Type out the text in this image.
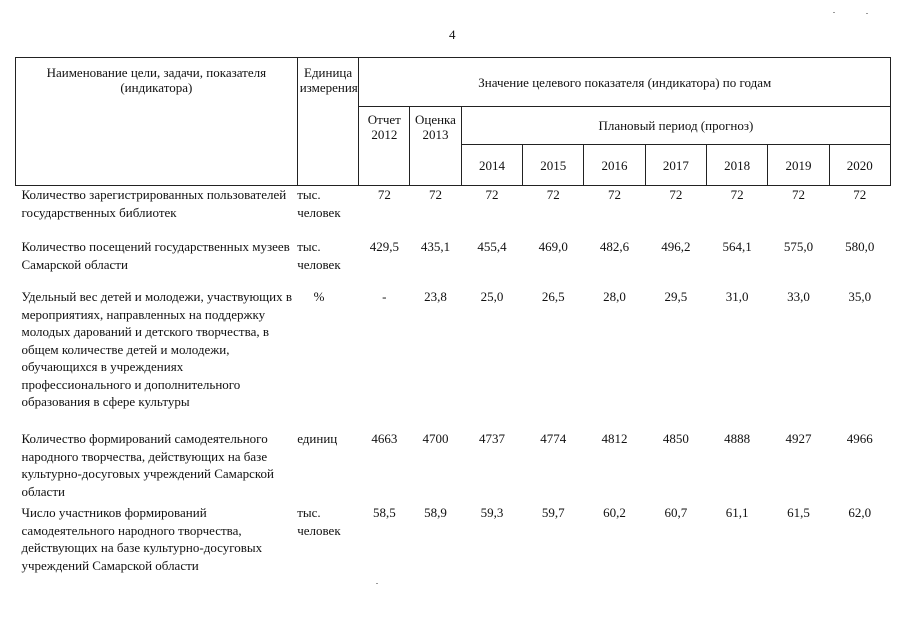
4
Наименование цели, задачи, показателя (индикатора)	Единица измерения	Значение целевого показателя (индикатора) по годам								
		Отчет 2012	Оценка 2013	Плановый период (прогноз)						
				2014	2015	2016	2017	2018	2019	2020
Количество зарегистрированных пользователей государственных библиотек	тыс. человек	72	72	72	72	72	72	72	72	72
Количество посещений государственных музеев Самарской области	тыс. человек	429,5	435,1	455,4	469,0	482,6	496,2	564,1	575,0	580,0
Удельный вес детей и молодежи, участвующих в мероприятиях, направленных на поддержку молодых дарований и детского творчества, в общем количестве детей и молодежи, обучающихся в учреждениях профессионального и дополнительного образования в сфере культуры	%	-	23,8	25,0	26,5	28,0	29,5	31,0	33,0	35,0
Количество формирований самодеятельного народного творчества, действующих на базе культурно-досуговых учреждений Самарской области	единиц	4663	4700	4737	4774	4812	4850	4888	4927	4966
Число участников формирований самодеятельного народного творчества, действующих на базе культурно-досуговых учреждений Самарской области	тыс. человек	58,5	58,9	59,3	59,7	60,2	60,7	61,1	61,5	62,0
